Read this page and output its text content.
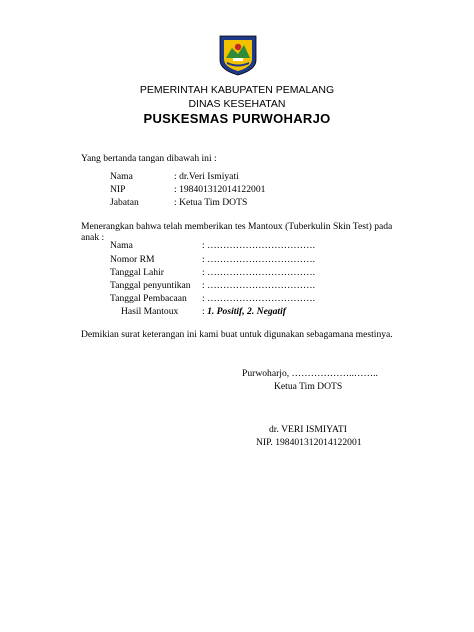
PEMERINTAH KABUPATEN PEMALANG
DINAS KESEHATAN
PUSKESMAS PURWOHARJO
Yang bertanda tangan dibawah ini :
Nama	: dr.Veri Ismiyati
NIP	: 198401312014122001
Jabatan	: Ketua Tim DOTS
Menerangkan bahwa telah memberikan tes Mantoux (Tuberkulin Skin Test) pada anak :
Nama	: …………………………….
Nomor RM	: …………………………….
Tanggal Lahir	: …………………………….
Tanggal penyuntikan : …………………………….
Tanggal Pembacaan : …………………………….
Hasil Mantoux : 1. Positif, 2. Negatif
Demikian surat keterangan ini kami buat untuk digunakan sebagamana mestinya.
Purwoharjo, ………………..……..
Ketua Tim DOTS
dr. VERI ISMIYATI
NIP. 198401312014122001
